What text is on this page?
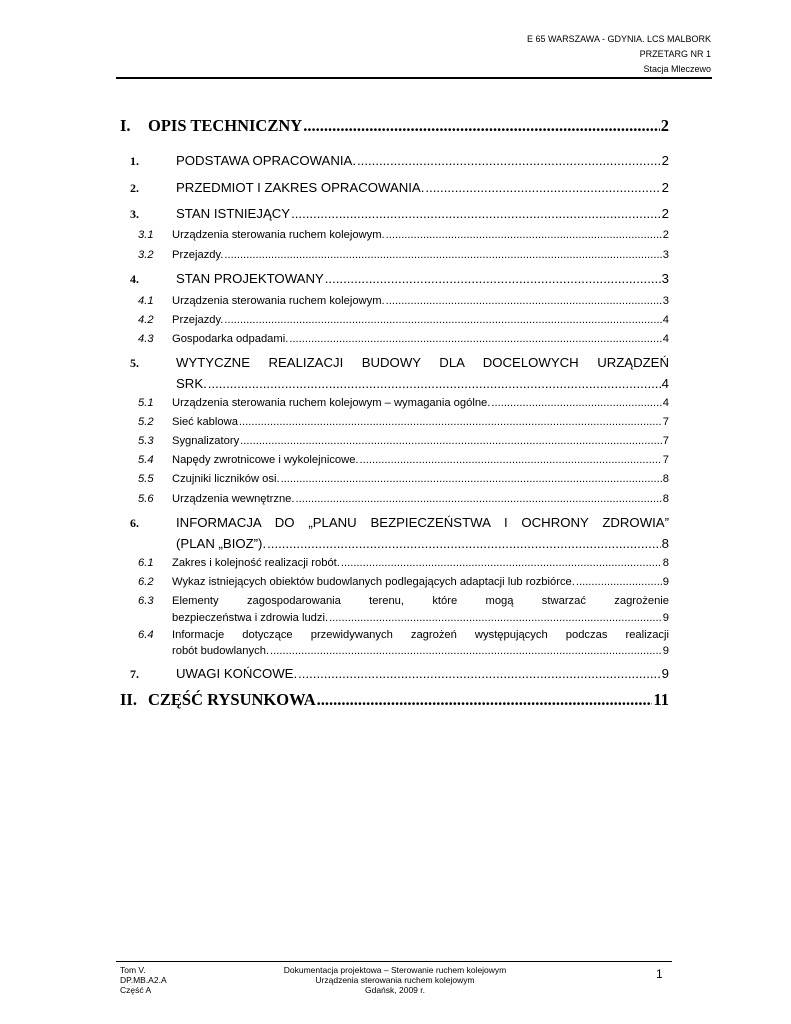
E 65 WARSZAWA - GDYNIA. LCS MALBORK
PRZETARG NR 1
Stacja Mleczewo
I.	OPIS TECHNICZNY .....	2
1.	PODSTAWA OPRACOWANIA. .....	2
2.	PRZEDMIOT I ZAKRES OPRACOWANIA. .....	2
3.	STAN ISTNIEJĄCY .....	2
3.1	Urządzenia sterowania ruchem kolejowym. .....	2
3.2	Przejazdy. .....	3
4.	STAN PROJEKTOWANY .....	3
4.1	Urządzenia sterowania ruchem kolejowym. .....	3
4.2	Przejazdy. .....	4
4.3	Gospodarka odpadami. .....	4
5.	WYTYCZNE REALIZACJI BUDOWY DLA DOCELOWYCH URZĄDZEŃ
SRK. .....	4
5.1	Urządzenia sterowania ruchem kolejowym – wymagania ogólne. .....	4
5.2	Sieć kablowa .....	7
5.3	Sygnalizatory .....	7
5.4	Napędy zwrotnicowe i wykolejnicowe. .....	7
5.5	Czujniki liczników osi. .....	8
5.6	Urządzenia wewnętrzne. .....	8
6.	INFORMACJA DO „PLANU BEZPIECZEŃSTWA I OCHRONY ZDROWIA”
(PLAN „BIOZ”). .....	8
6.1	Zakres i kolejność realizacji robót. .....	8
6.2	Wykaz istniejących obiektów budowlanych podlegających adaptacji lub rozbiórce. .....	9
6.3	Elementy zagospodarowania terenu, które mogą stwarzać zagrożenie
bezpieczeństwa i zdrowia ludzi. .....	9
6.4	Informacje dotyczące przewidywanych zagrożeń występujących podczas realizacji
robót budowlanych. .....	9
7.	UWAGI KOŃCOWE. .....	9
II. CZĘŚĆ RYSUNKOWA .....	11
Tom V.
DP.MB.A2.A
Część A
Dokumentacja projektowa – Sterowanie ruchem kolejowym
Urządzenia sterowania ruchem kolejowym
Gdańsk, 2009 r.
1
